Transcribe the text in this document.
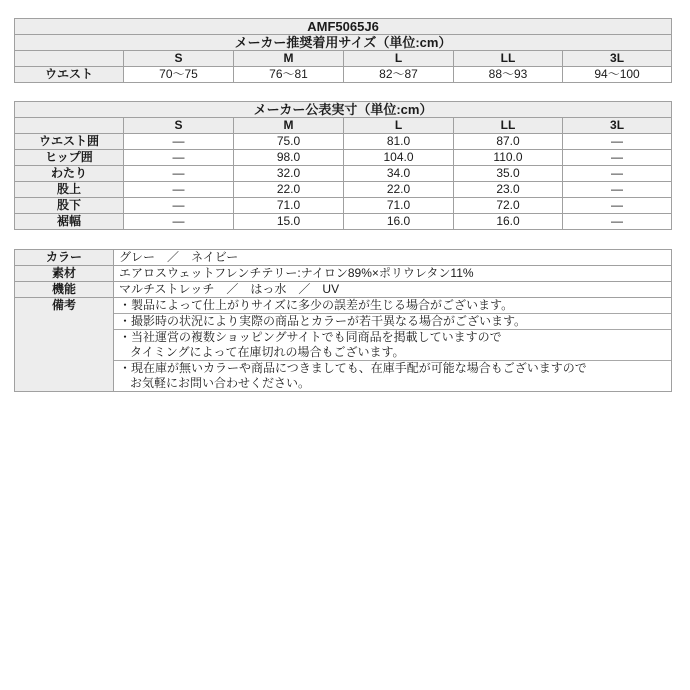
AMF5065J6					
メーカー推奨着用サイズ（単位:cm）					
	S	M	L	LL	3L
ウエスト	70～75	76～81	82～87	88～93	94～100
メーカー公表実寸（単位:cm）					
	S	M	L	LL	3L
ウエスト囲	—	75.0	81.0	87.0	—
ヒップ囲	—	98.0	104.0	110.0	—
わたり	—	32.0	34.0	35.0	—
股上	—	22.0	22.0	23.0	—
股下	—	71.0	71.0	72.0	—
裾幅	—	15.0	16.0	16.0	—
カラー	グレー　／　ネイビー
素材	エアロスウェットフレンチテリー:ナイロン89%×ポリウレタン11%
機能	マルチストレッチ　／　はっ水　／　UV
備考	・製品によって仕上がりサイズに多少の誤差が生じる場合がございます。
・撮影時の状況により実際の商品とカラーが若干異なる場合がございます。
・当社運営の複数ショッピングサイトでも同商品を掲載していますので
タイミングによって在庫切れの場合もございます。
・現在庫が無いカラーや商品につきましても、在庫手配が可能な場合もございますので
お気軽にお問い合わせください。
